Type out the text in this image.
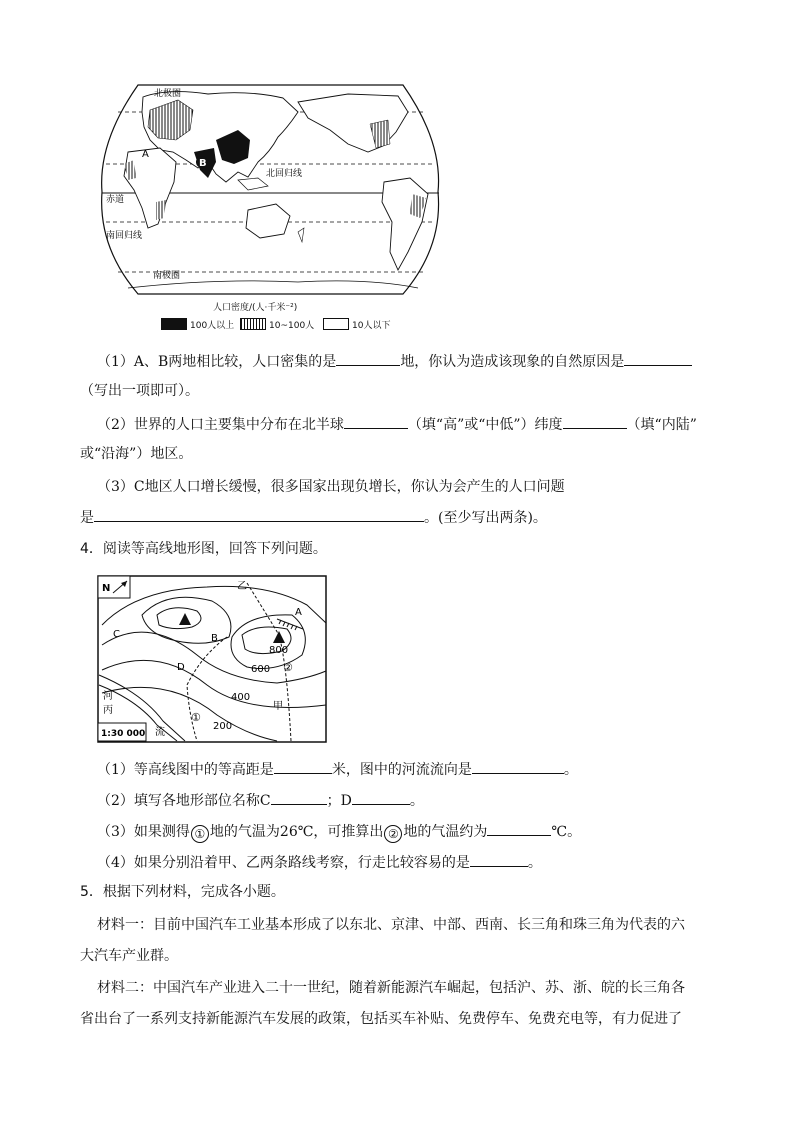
北极圈
A
B
北回归线
赤道
南回归线
南极圈
人口密度/(人·千米⁻²)
100人以上	10~100人	10人以下
（1）A、B两地相比较，人口密集的是	地，你认为造成该现象的自然原因是
（写出一项即可）。
（2）世界的人口主要集中分布在北半球	（填“高”或“中低”）纬度	（填“内陆”
或“沿海”）地区。
（3）C地区人口增长缓慢，很多国家出现负增长，你认为会产生的人口问题
是	。(至少写出两条)。
4．阅读等高线地形图，回答下列问题。
N
1:30 000
乙
A
B
C
D
800
600
400
200
甲
①
②
河
丙
流
（1）等高线图中的等高距是	米，图中的河流流向是	。
（2）填写各地形部位名称C	；D	。
（3）如果测得 ① 地的气温为26℃，可推算出 ② 地的气温约为	℃。
（4）如果分别沿着甲、乙两条路线考察，行走比较容易的是	。
5．根据下列材料，完成各小题。
材料一：目前中国汽车工业基本形成了以东北、京津、中部、西南、长三角和珠三角为代表的六
大汽车产业群。
材料二：中国汽车产业进入二十一世纪，随着新能源汽车崛起，包括沪、苏、浙、皖的长三角各
省出台了一系列支持新能源汽车发展的政策，包括买车补贴、免费停车、免费充电等，有力促进了
